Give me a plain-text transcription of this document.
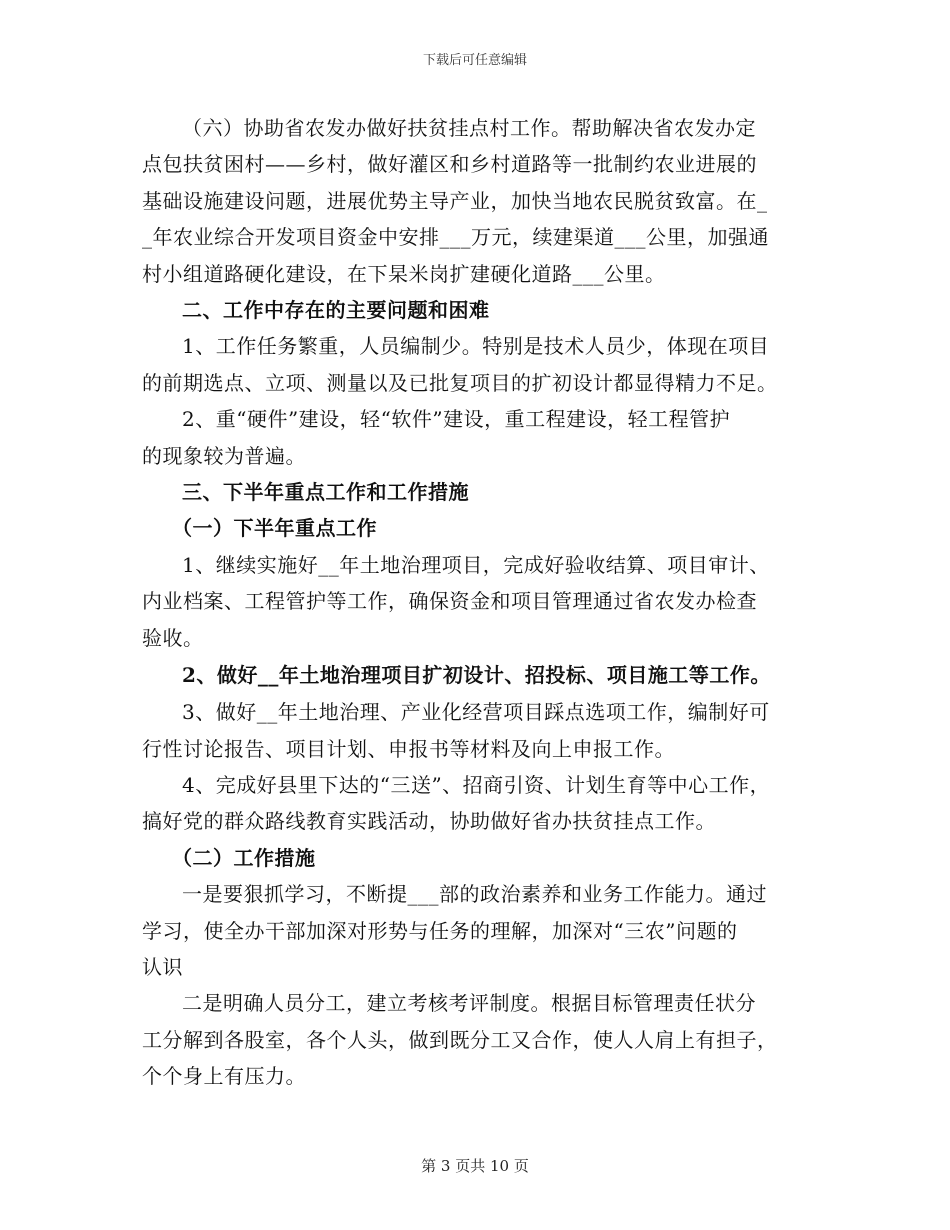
下载后可任意编辑
（六）协助省农发办做好扶贫挂点村工作。帮助解决省农发办定
点包扶贫困村——乡村，做好灌区和乡村道路等一批制约农业进展的
基础设施建设问题，进展优势主导产业，加快当地农民脱贫致富。在_
_年农业综合开发项目资金中安排___万元，续建渠道___公里，加强通
村小组道路硬化建设，在下杲米岗扩建硬化道路___公里。
二、工作中存在的主要问题和困难
1、工作任务繁重，人员编制少。特别是技术人员少，体现在项目
的前期选点、立项、测量以及已批复项目的扩初设计都显得精力不足。
2、重“硬件”建设，轻“软件”建设，重工程建设，轻工程管护
的现象较为普遍。
三、下半年重点工作和工作措施
（一）下半年重点工作
1、继续实施好__年土地治理项目，完成好验收结算、项目审计、
内业档案、工程管护等工作，确保资金和项目管理通过省农发办检查
验收。
2、做好__年土地治理项目扩初设计、招投标、项目施工等工作。
3、做好__年土地治理、产业化经营项目踩点选项工作，编制好可
行性讨论报告、项目计划、申报书等材料及向上申报工作。
4、完成好县里下达的“三送”、招商引资、计划生育等中心工作，
搞好党的群众路线教育实践活动，协助做好省办扶贫挂点工作。
（二）工作措施
一是要狠抓学习，不断提___部的政治素养和业务工作能力。通过
学习，使全办干部加深对形势与任务的理解，加深对“三农”问题的
认识
二是明确人员分工，建立考核考评制度。根据目标管理责任状分
工分解到各股室，各个人头，做到既分工又合作，使人人肩上有担子，
个个身上有压力。
第 3 页共 10 页
